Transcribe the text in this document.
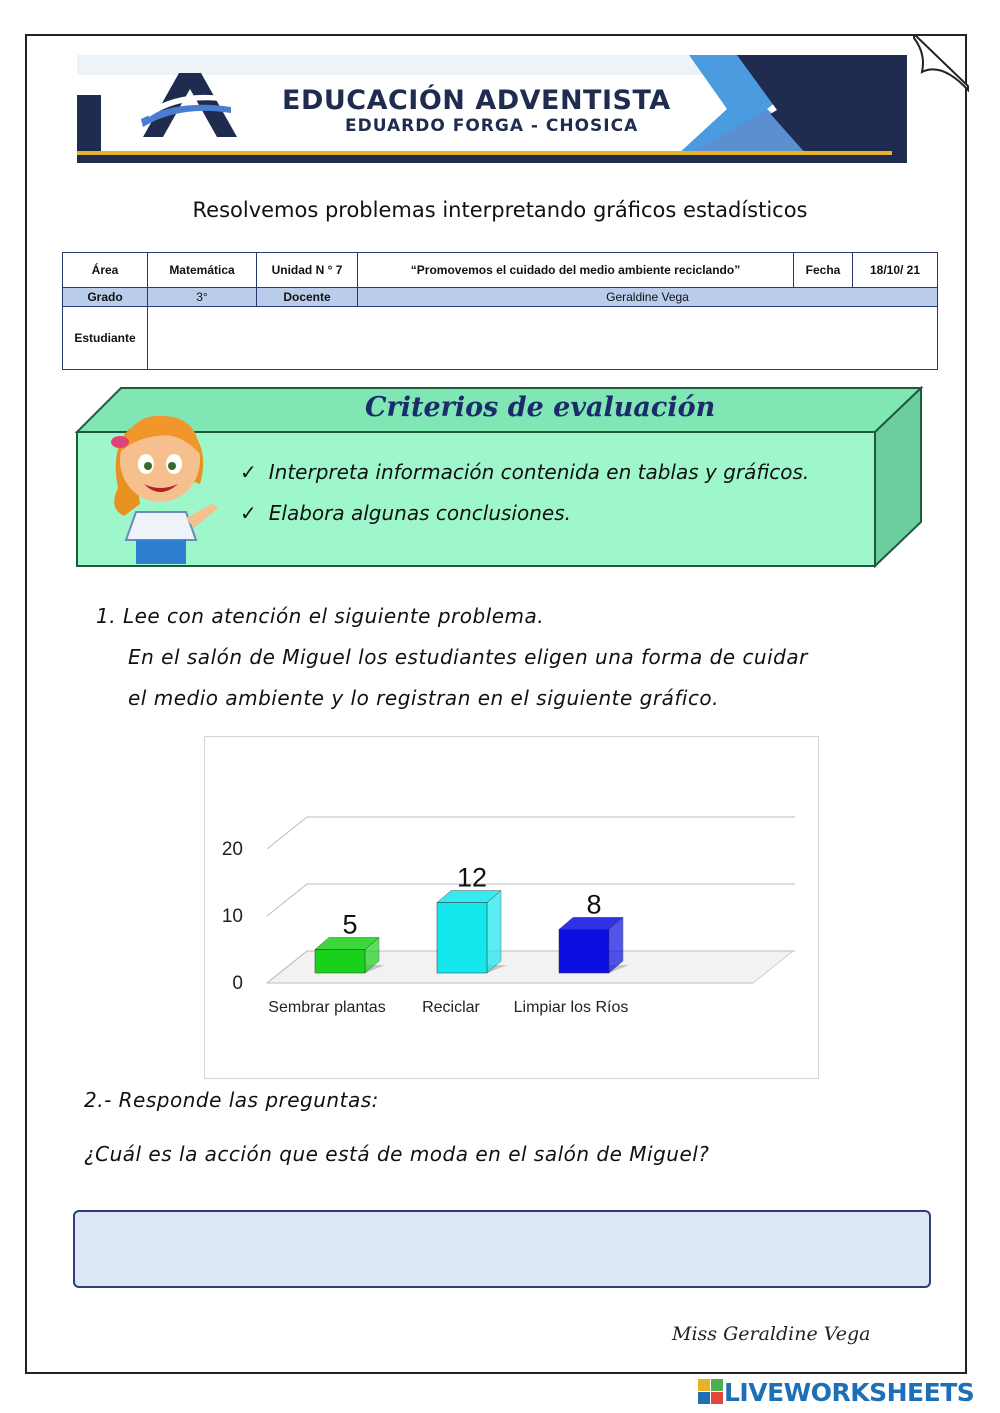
EDUCACIÓN ADVENTISTA
EDUARDO FORGA - CHOSICA
Resolvemos problemas interpretando gráficos estadísticos
Área	Matemática	Unidad N ° 7	“Promovemos el cuidado del medio ambiente reciclando”	Fecha	18/10/ 21
Grado	3°	Docente	Geraldine Vega		
Estudiante					
Criterios de evaluación
✓ Interpreta información contenida en tablas y gráficos.
✓ Elabora algunas conclusiones.
1. Lee con atención el siguiente problema.
En el salón de Miguel los estudiantes eligen una forma de cuidar
el medio ambiente y lo registran en el siguiente gráfico.
0
10
20
5
Sembrar plantas
12
Reciclar
8
Limpiar los Ríos
2.- Responde las preguntas:
¿Cuál es la acción que está de moda en el salón de Miguel?
Miss Geraldine Vega
LIVEWORKSHEETS
